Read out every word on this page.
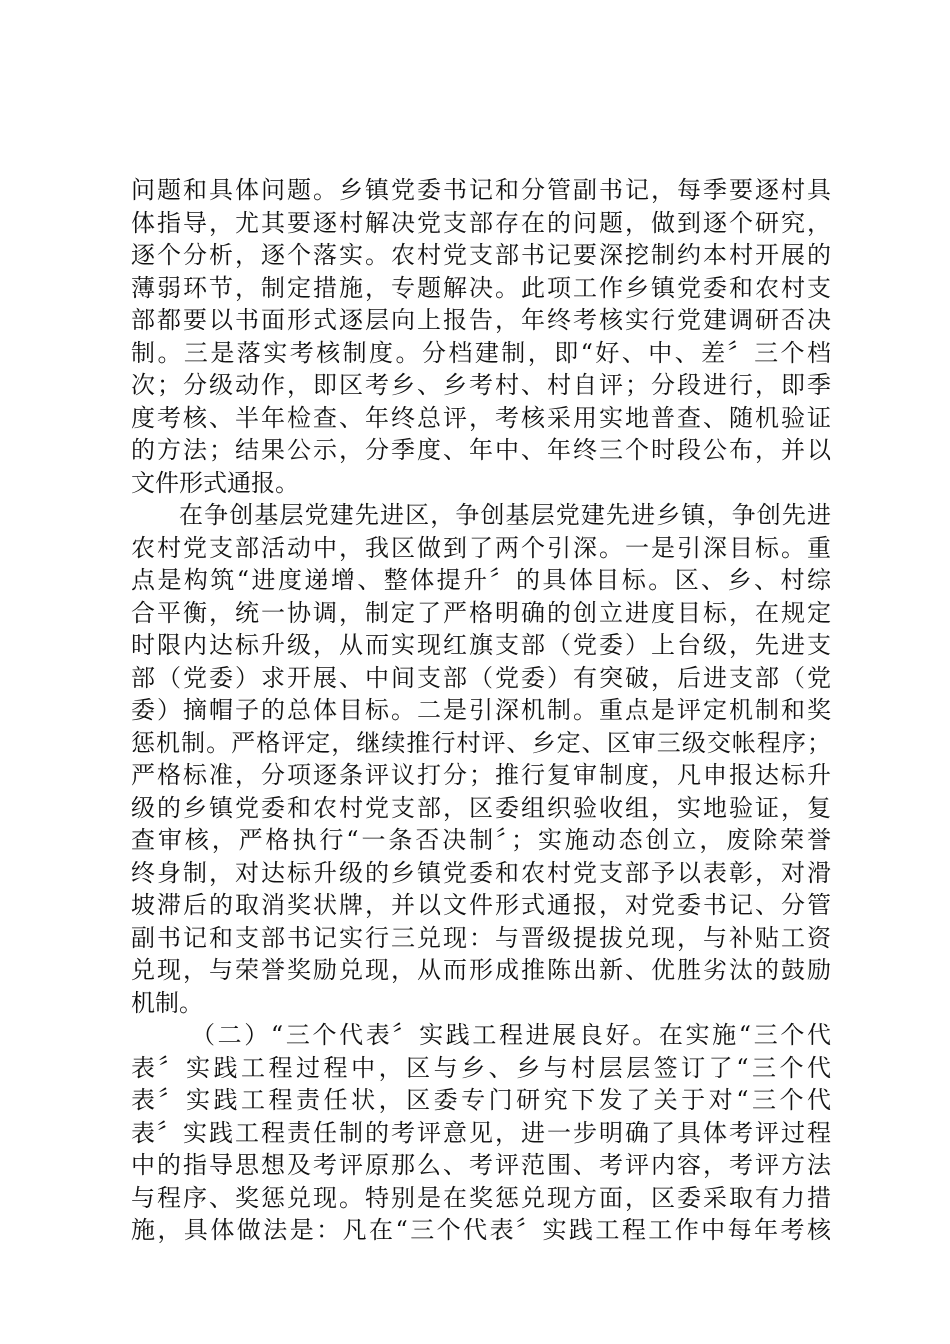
问题和具体问题。乡镇党委书记和分管副书记，每季要逐村具
体指导，尤其要逐村解决党支部存在的问题，做到逐个研究，
逐个分析，逐个落实。农村党支部书记要深挖制约本村开展的
薄弱环节，制定措施，专题解决。此项工作乡镇党委和农村支
部都要以书面形式逐层向上报告，年终考核实行党建调研否决
制。三是落实考核制度。分档建制，即“好、中、差〞三个档
次；分级动作，即区考乡、乡考村、村自评；分段进行，即季
度考核、半年检查、年终总评，考核采用实地普查、随机验证
的方法；结果公示，分季度、年中、年终三个时段公布，并以
文件形式通报。
在争创基层党建先进区，争创基层党建先进乡镇，争创先进
农村党支部活动中，我区做到了两个引深。一是引深目标。重
点是构筑“进度递增、整体提升〞的具体目标。区、乡、村综
合平衡，统一协调，制定了严格明确的创立进度目标，在规定
时限内达标升级，从而实现红旗支部（党委）上台级，先进支
部（党委）求开展、中间支部（党委）有突破，后进支部（党
委）摘帽子的总体目标。二是引深机制。重点是评定机制和奖
惩机制。严格评定，继续推行村评、乡定、区审三级交帐程序；
严格标准，分项逐条评议打分；推行复审制度，凡申报达标升
级的乡镇党委和农村党支部，区委组织验收组，实地验证，复
查审核，严格执行“一条否决制〞；实施动态创立，废除荣誉
终身制，对达标升级的乡镇党委和农村党支部予以表彰，对滑
坡滞后的取消奖状牌，并以文件形式通报，对党委书记、分管
副书记和支部书记实行三兑现：与晋级提拔兑现，与补贴工资
兑现，与荣誉奖励兑现，从而形成推陈出新、优胜劣汰的鼓励
机制。
（二）“三个代表〞实践工程进展良好。在实施“三个代
表〞实践工程过程中，区与乡、乡与村层层签订了“三个代
表〞实践工程责任状，区委专门研究下发了关于对“三个代
表〞实践工程责任制的考评意见，进一步明确了具体考评过程
中的指导思想及考评原那么、考评范围、考评内容，考评方法
与程序、奖惩兑现。特别是在奖惩兑现方面，区委采取有力措
施，具体做法是：凡在“三个代表〞实践工程工作中每年考核
